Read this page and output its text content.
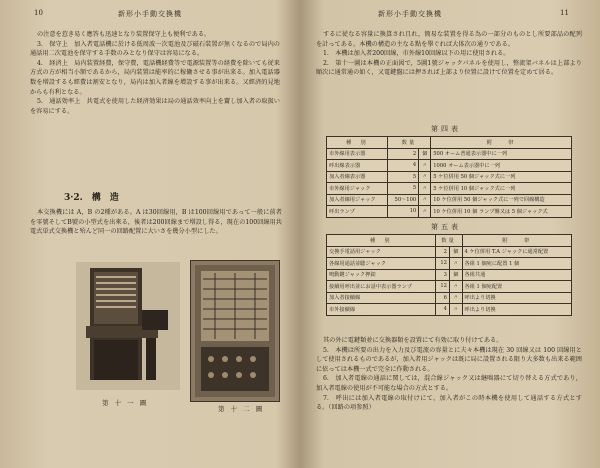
10	新形小手動交換機

の注意を惹き易く應答も迅速となり装置保守上も便利である。

3.　保守上　加入者電話機に於ける低周波一次電池及び磁石装置が無くなるので局内の通話用二次電池を保守する手数のみとなり保守は容易になる。

4.　経済上　局内装置経費，保守費，電話機経費等で電源装置等の経費を除いても従来方式の方が相当小額であるから，局内装置は能率的に稼働させる事が出来る。加入電話器数を増設するも經費は割安となり，局内は加入者線を增設する事が出来る。又經済的見地からも有利となる。

5.　通話効率上　共電式を使用した経済効果は局の通話效率向上を齎し加入者の取扱いを容易にする。

3·2.　構　造

本交換機には A，B の2種がある。A は30回線用，B は100回線用であって一般に前者を零號そしてB號の小型式を出來る，後者は200回線まで増設し得る，現在の100回線用共電式単式交換機と殆んど同一の回路配置に大いさを幾分小型にした。

第 十 一 圖
第 十 二 圖
新形小手動交換機	11

するに従なる容量に換算され且れ，簡易な装置を得る為の一部分のものとし所要部品の配列を計ってある。本機の構造の主なる點を擧ぐれば大体次の通りである。

1.　本機は加入者200回線，市外線10回線以下の用に使用される。

2.　第十一圖は本機の正面図で，5圖1號ジャックパネルを使用し，整流架バネルは上部より順次に通常通の如く，又電鍵盤には押されば上部より位置に設けて位置を定めて居る。

第四表
種　別	数量		附　　帯
市外線用表示器	2	個	500 オーム普通表示器中に一列
呼出線表示器	4	〃	1000 オーム表示器中に一列
加入者線表示器	5	〃	5 ケ位併用 50 個ジャック式に一列
市外線用ジャック	5	〃	5 ケ位併用 10 個ジャック式に一列
加入者線用ジャック	50～100	〃	10 ケ位併用 50 個ジャック式に一列で回線構造
呼出ランプ	10	〃	10 ケ位併用 10 個 ランプ盤又は 5 個ジャック式
第五表
種　別	数量		附　　帯
交換手電話用ジャック	2	個	4 ケ位併用 T.A ジャックに通常配置
各線用通話並聴ジャック	12	〃	各組 1 個宛に配置 1 個
鳴動鍵ジャック押釦	3	個	各組共通
接續用呼出並にお話中表示器ランプ	12	〃	各組 1 個宛配置
加入者接續線	6	〃	呼出より切換
市外接續線	4	〃	呼出より切換

其の外に電鍵類並に交換器類を設置にて有効に取り付けてある。

5.　本機は所要の出力を入力及び電流の容量とに夫々本機は現在 30 回線又は 100 回線用として使用されるものであるが，加入者用ジャックは既に局に設置される限り大多数も出来る範囲に依っては本機一式で完全に作動される。

6.　加入者電線の通話に関しては，混合線ジャック又は継鳴器にて切り替える方式であり，加入者電線の使用が不可能な場合の方式とする。

7.　呼出には加入者電線の取付けにて，加入者がこの時本機を使用して通話する方式とする。（回路の項参照）
